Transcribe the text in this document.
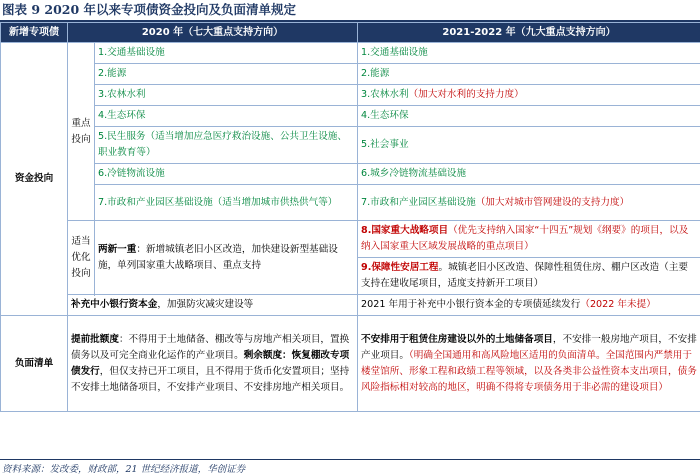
图表 9 2020 年以来专项债资金投向及负面清单规定
新增专项债	2020 年（七大重点支持方向）		2021-2022 年（九大重点支持方向）
资金投向	重点投向	1.交通基础设施	1.交通基础设施
		2.能源	2.能源
		3.农林水利	3.农林水利（加大对水利的支持力度）
		4.生态环保	4.生态环保
		5.民生服务（适当增加应急医疗救治设施、公共卫生设施、职业教育等）	5.社会事业
		6.冷链物流设施	6.城乡冷链物流基础设施
		7.市政和产业园区基础设施（适当增加城市供热供气等）	7.市政和产业园区基础设施（加大对城市管网建设的支持力度）
	适当优化投向	两新一重：新增城镇老旧小区改造，加快建设新型基础设施，单列国家重大战略项目、重点支持	8.国家重大战略项目（优先支持纳入国家“十四五”规划《纲要》的项目，以及纳入国家重大区域发展战略的重点项目）
			9.保障性安居工程。城镇老旧小区改造、保障性租赁住房、棚户区改造（主要支持在建收尾项目，适度支持新开工项目）

	补充中小银行资本金，加强防灾减灾建设等		2021 年用于补充中小银行资本金的专项债延续发行（2022 年未提）
负面清单	提前批额度：不得用于土地储备、棚改等与房地产相关项目，置换债务以及可完全商业化运作的产业项目。剩余额度：恢复棚改专项债发行，但仅支持已开工项目，且不得用于货币化安置项目；坚持不安排土地储备项目，不安排产业项目、不安排房地产相关项目。		不安排用于租赁住房建设以外的土地储备项目，不安排一般房地产项目，不安排产业项目。（明确全国通用和高风险地区适用的负面清单。全国范围内严禁用于楼堂馆所、形象工程和政绩工程等领域，以及各类非公益性资本支出项目，债务风险指标相对较高的地区，明确不得将专项债务用于非必需的建设项目）
资料来源：发改委，财政部，21 世纪经济报道，华创证券
